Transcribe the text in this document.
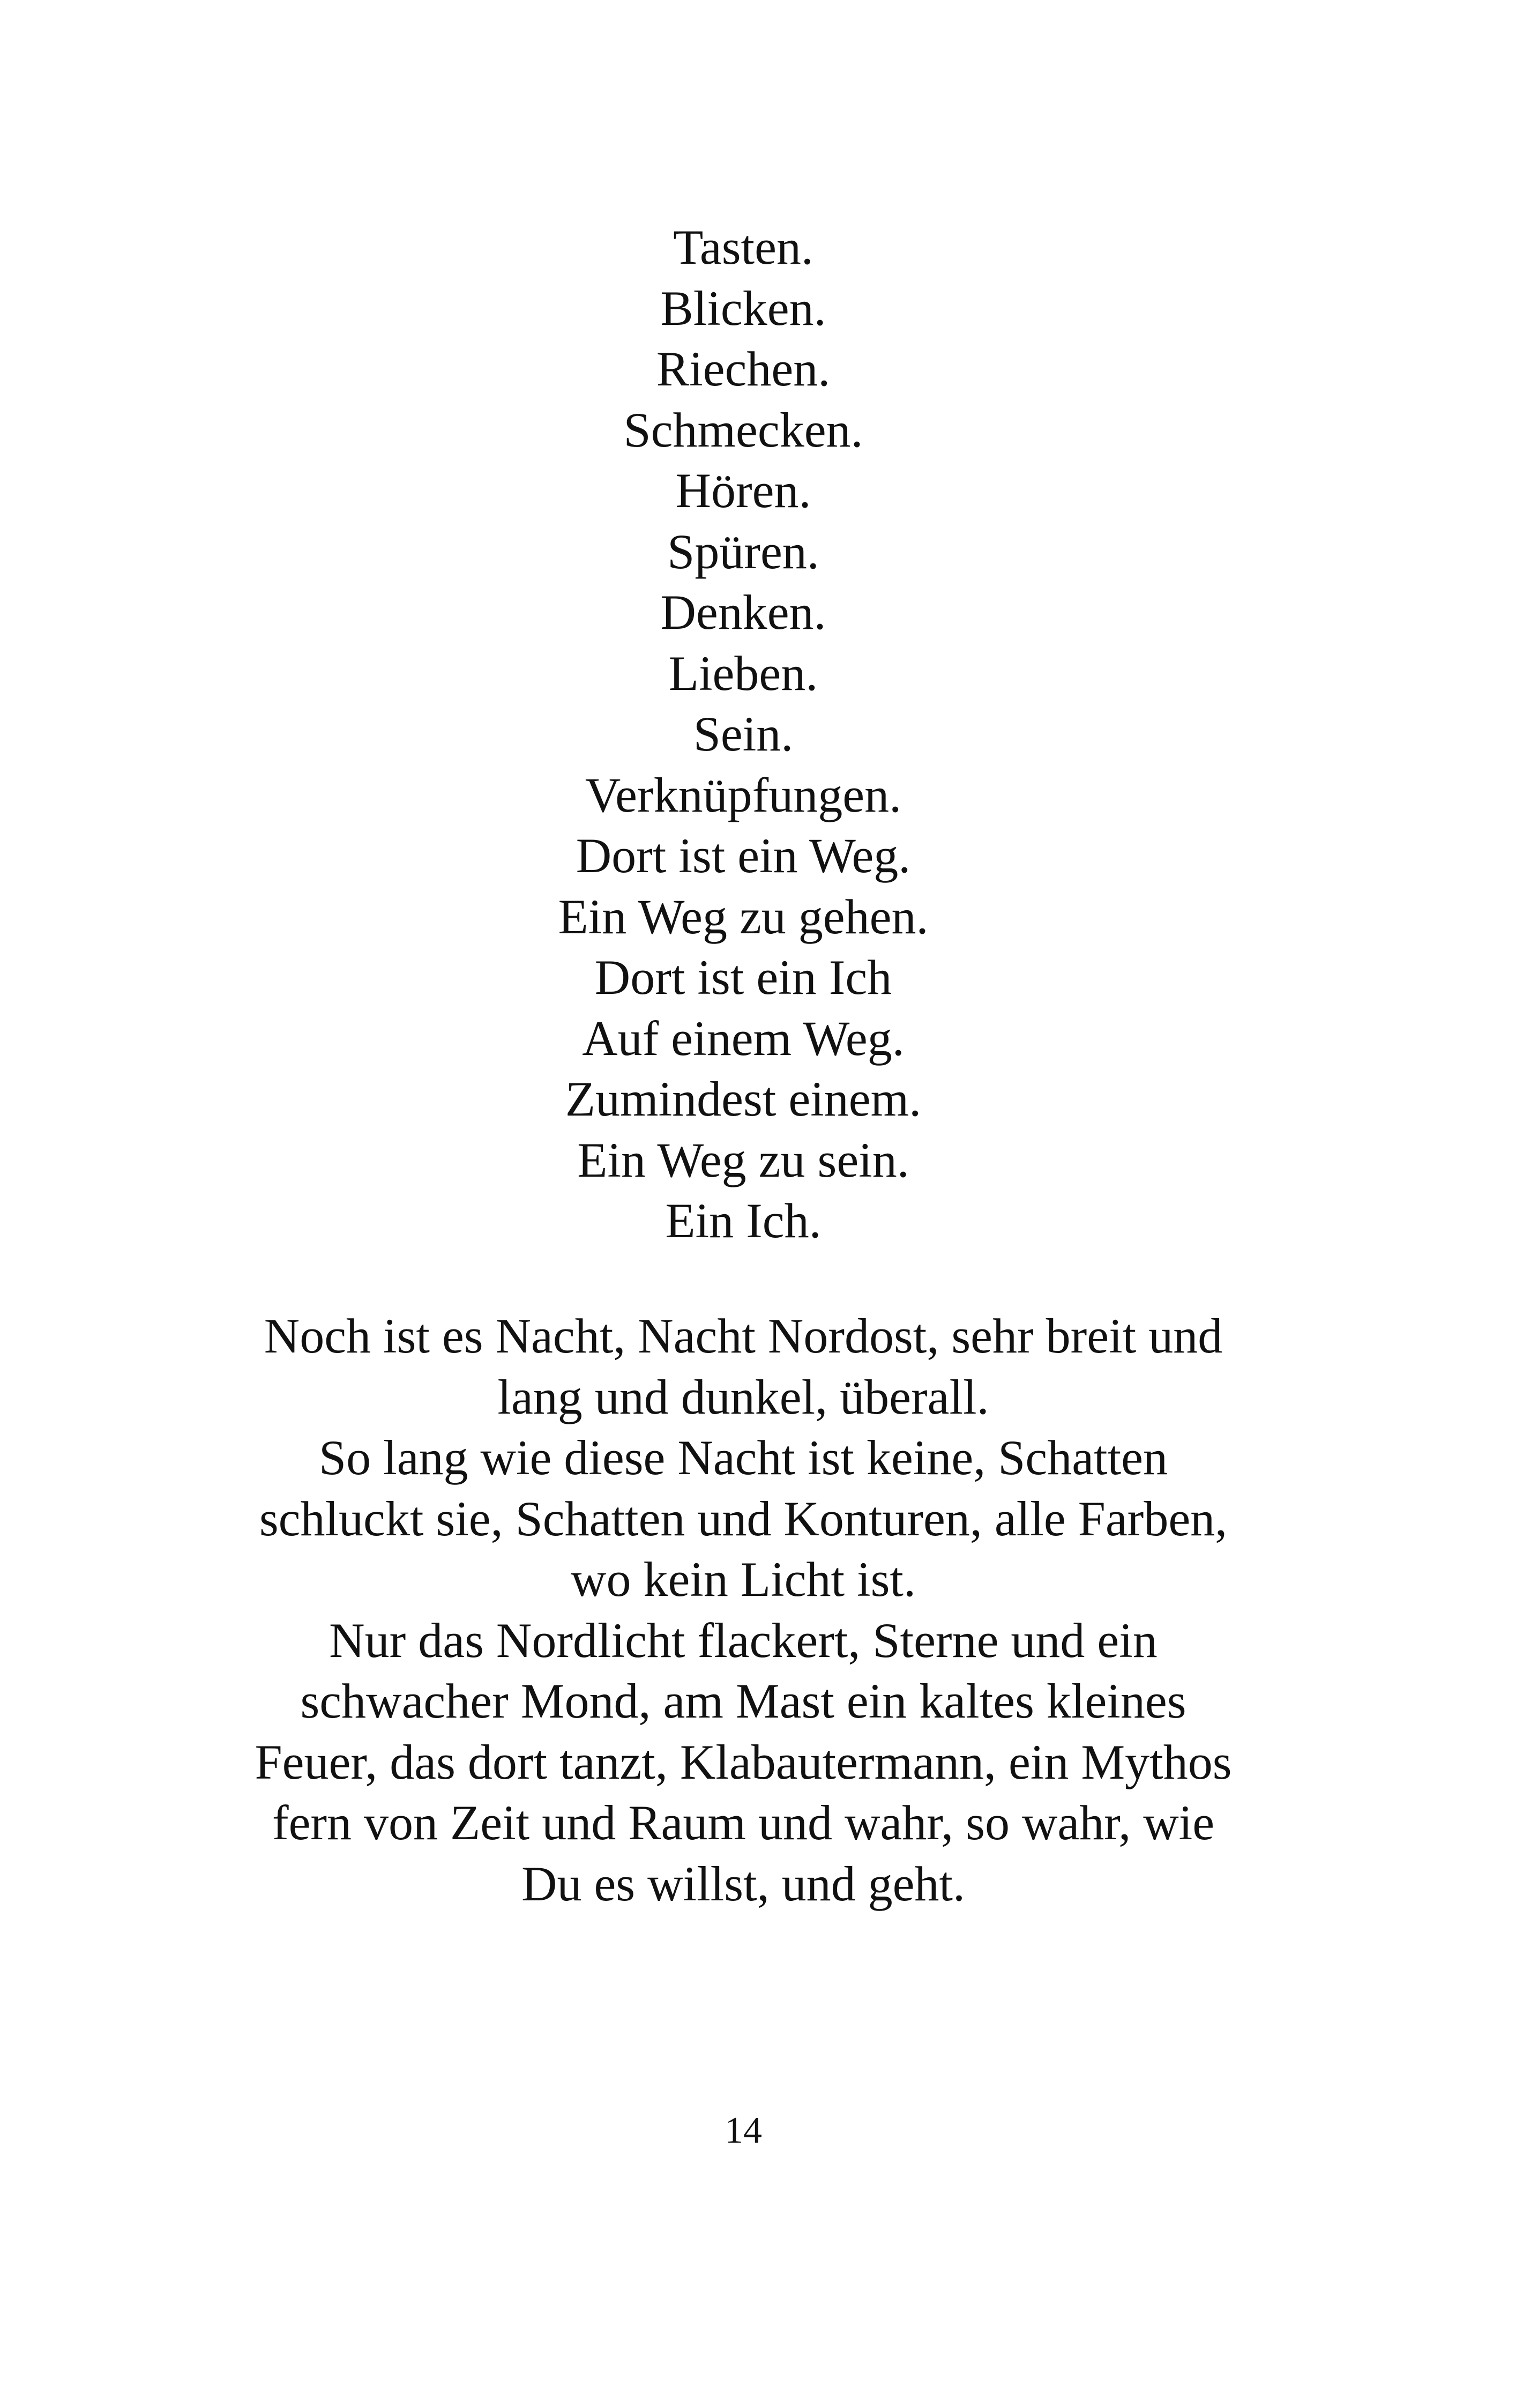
Tasten.
Blicken.
Riechen.
Schmecken.
Hören.
Spüren.
Denken.
Lieben.
Sein.
Verknüpfungen.
Dort ist ein Weg.
Ein Weg zu gehen.
Dort ist ein Ich
Auf einem Weg.
Zumindest einem.
Ein Weg zu sein.
Ein Ich.
Noch ist es Nacht, Nacht Nordost, sehr breit und
lang und dunkel, überall.
So lang wie diese Nacht ist keine, Schatten
schluckt sie, Schatten und Konturen, alle Farben,
wo kein Licht ist.
Nur das Nordlicht flackert, Sterne und ein
schwacher Mond, am Mast ein kaltes kleines
Feuer, das dort tanzt, Klabautermann, ein Mythos
fern von Zeit und Raum und wahr, so wahr, wie
Du es willst, und geht.
14
